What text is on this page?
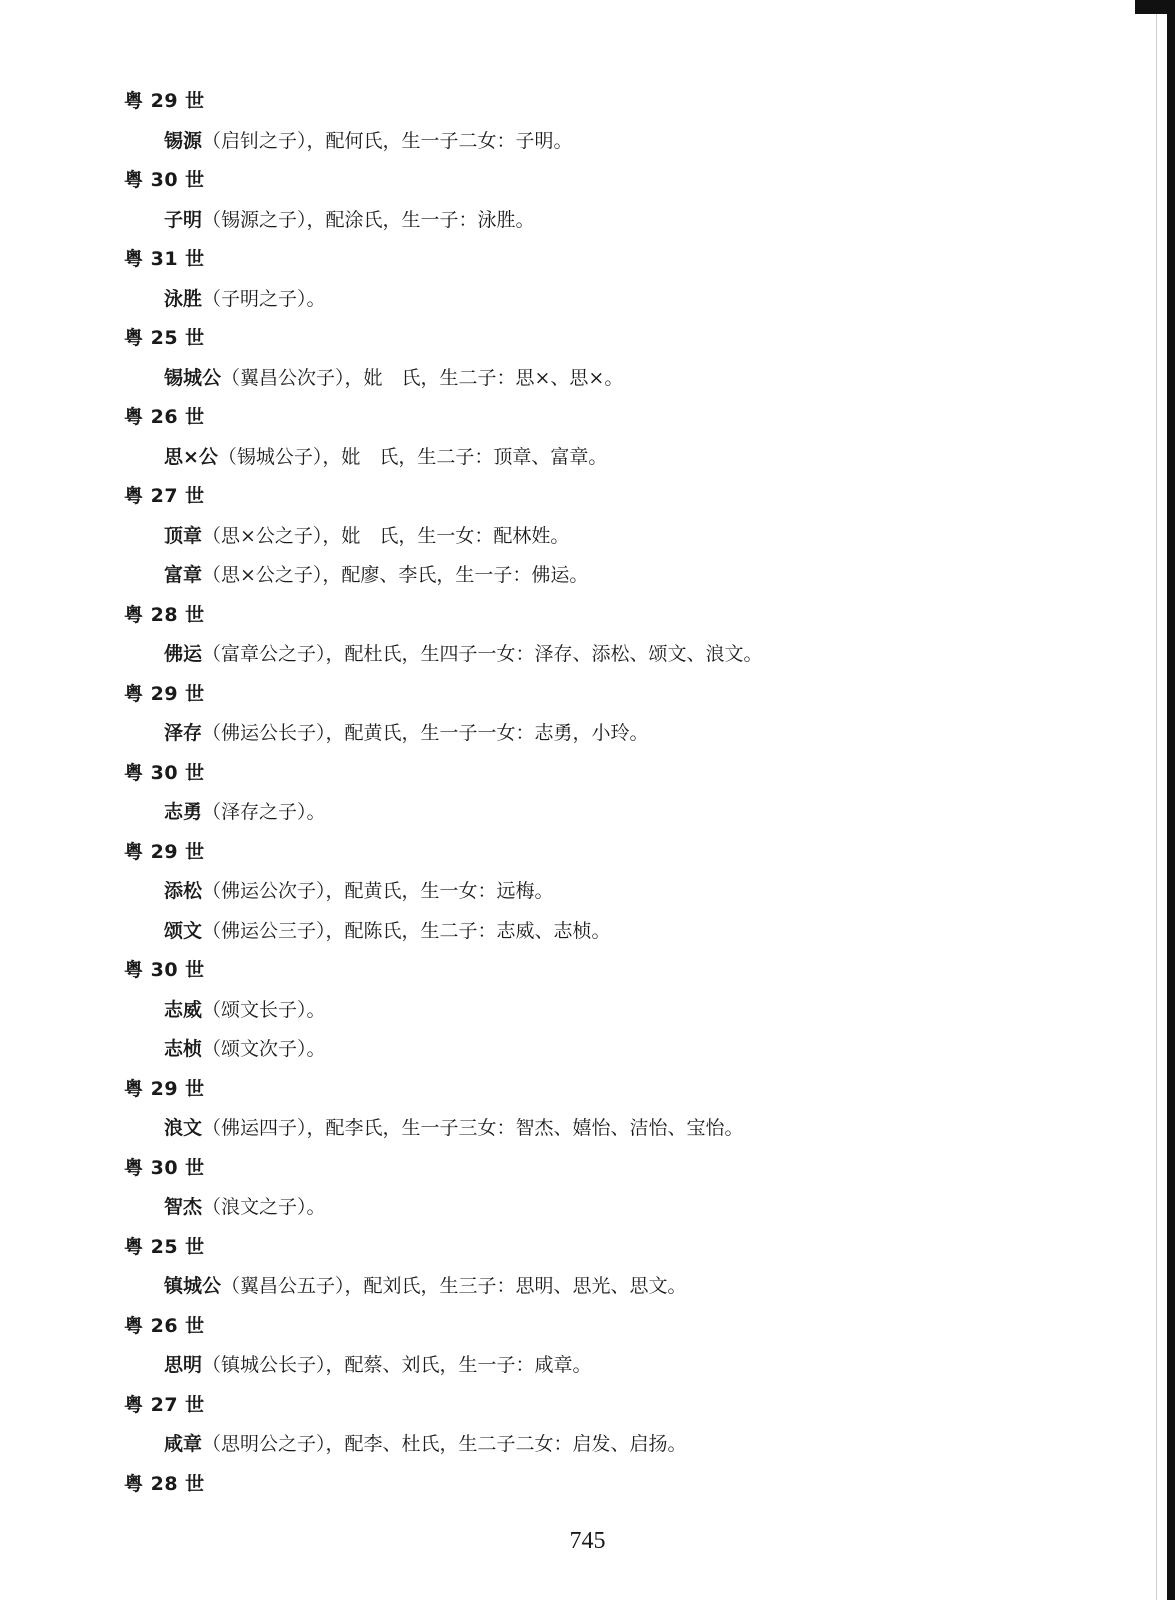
粤 29 世
锡源（启钊之子），配何氏，生一子二女：子明。
粤 30 世
子明（锡源之子），配涂氏，生一子：泳胜。
粤 31 世
泳胜（子明之子）。
粤 25 世
锡城公（翼昌公次子），妣　氏，生二子：思×、思×。
粤 26 世
思×公（锡城公子），妣　氏，生二子：顶章、富章。
粤 27 世
顶章（思×公之子），妣　氏，生一女：配林姓。
富章（思×公之子），配廖、李氏，生一子：佛运。
粤 28 世
佛运（富章公之子），配杜氏，生四子一女：泽存、添松、颂文、浪文。
粤 29 世
泽存（佛运公长子），配黄氏，生一子一女：志勇，小玲。
粤 30 世
志勇（泽存之子）。
粤 29 世
添松（佛运公次子），配黄氏，生一女：远梅。
颂文（佛运公三子），配陈氏，生二子：志威、志桢。
粤 30 世
志威（颂文长子）。
志桢（颂文次子）。
粤 29 世
浪文（佛运四子），配李氏，生一子三女：智杰、嬉怡、洁怡、宝怡。
粤 30 世
智杰（浪文之子）。
粤 25 世
镇城公（翼昌公五子），配刘氏，生三子：思明、思光、思文。
粤 26 世
思明（镇城公长子），配蔡、刘氏，生一子：咸章。
粤 27 世
咸章（思明公之子），配李、杜氏，生二子二女：启发、启扬。
粤 28 世
745
